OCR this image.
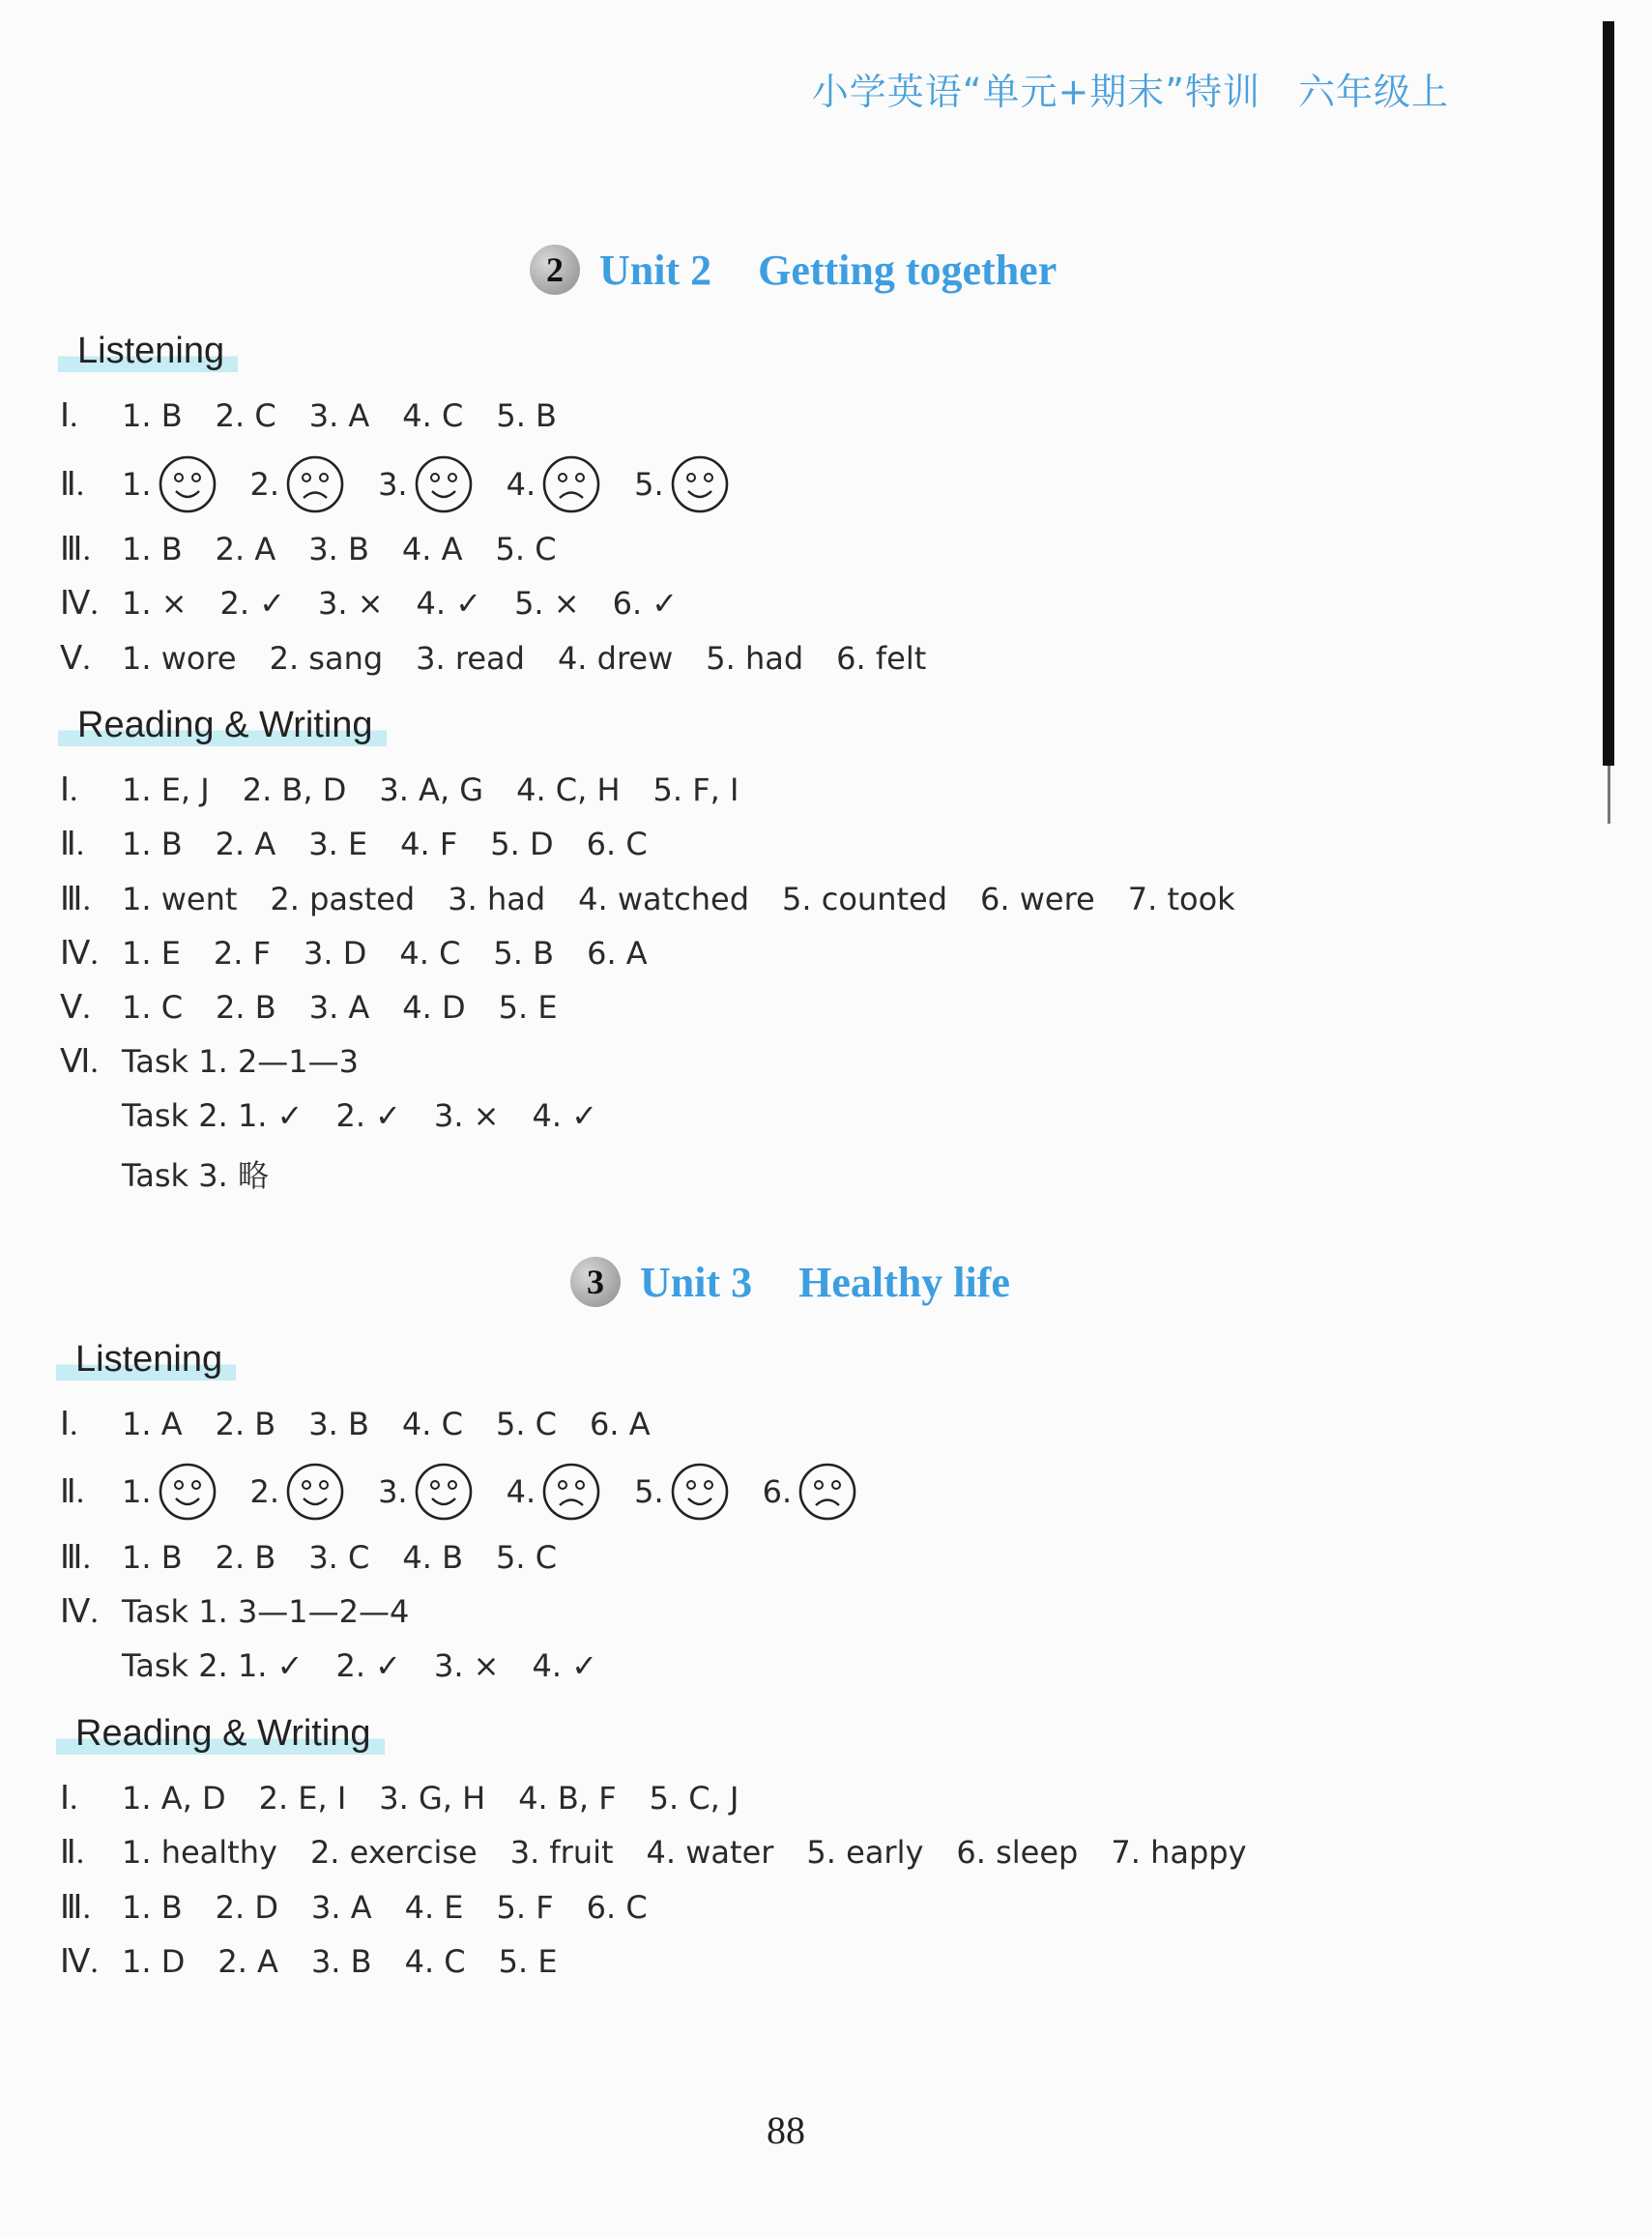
小学英语“单元+期末”特训　六年级上
2 Unit 2 Getting together
Listening
Ⅰ.	1. B 2. C 3. A 4. C 5. B
Ⅱ.	1.	2.	3.	4.	5.
Ⅲ.	1. B 2. A 3. B 4. A 5. C
Ⅳ. 1. × 2. ✓ 3. × 4. ✓ 5. × 6. ✓
Ⅴ.	1. wore 2. sang 3. read 4. drew 5. had 6. felt
Reading & Writing
Ⅰ.	1. E, J 2. B, D 3. A, G 4. C, H 5. F, I
Ⅱ.	1. B 2. A 3. E 4. F 5. D 6. C
Ⅲ.	1. went 2. pasted 3. had 4. watched 5. counted 6. were 7. took
Ⅳ. 1. E 2. F 3. D 4. C 5. B 6. A
Ⅴ.	1. C 2. B 3. A 4. D 5. E
Ⅵ. Task 1. 2—1—3
Task 2. 1. ✓ 2. ✓ 3. × 4. ✓
Task 3. 略
3 Unit 3 Healthy life
Listening
Ⅰ.	1. A 2. B 3. B 4. C 5. C 6. A
Ⅱ.	1.	2.	3.	4.	5.	6.
Ⅲ.	1. B 2. B 3. C 4. B 5. C
Ⅳ. Task 1. 3—1—2—4
Task 2. 1. ✓ 2. ✓ 3. × 4. ✓
Reading & Writing
Ⅰ.	1. A, D 2. E, I 3. G, H 4. B, F 5. C, J
Ⅱ.	1. healthy 2. exercise 3. fruit 4. water 5. early 6. sleep 7. happy
Ⅲ.	1. B 2. D 3. A 4. E 5. F 6. C
Ⅳ. 1. D 2. A 3. B 4. C 5. E
88
